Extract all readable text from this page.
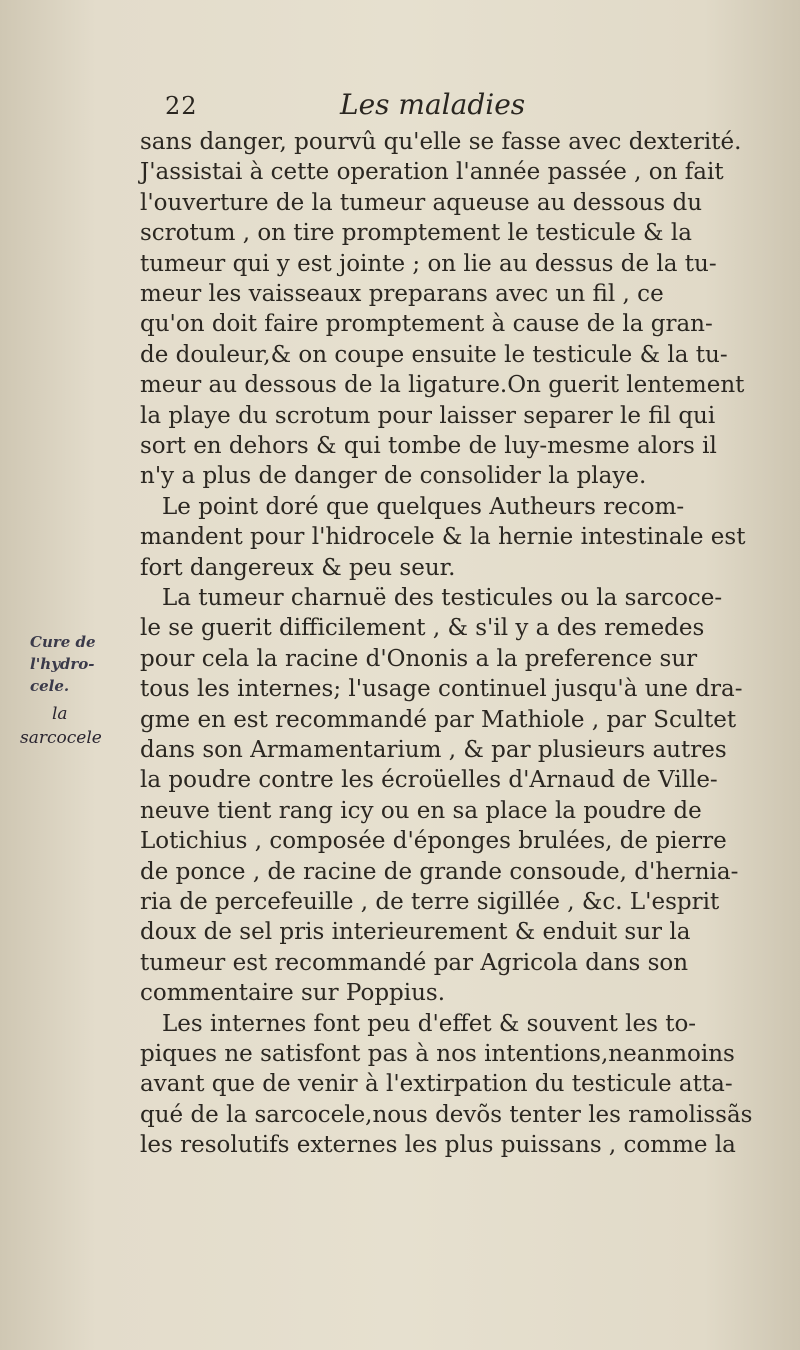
22	Les maladies
sans danger, pourvû qu'elle se fasse avec dexterité.
J'assistai à cette operation l'année passée , on fait
l'ouverture de la tumeur aqueuse au dessous du
scrotum , on tire promptement le testicule & la
tumeur qui y est jointe ; on lie au dessus de la tu-
meur les vaisseaux preparans avec un fil , ce
qu'on doit faire promptement à cause de la gran-
de douleur,& on coupe ensuite le testicule & la tu-
meur au dessous de la ligature.On guerit lentement
la playe du scrotum pour laisser separer le fil qui
sort en dehors & qui tombe de luy-mesme alors il
n'y a plus de danger de consolider la playe.
Le point doré que quelques Autheurs recom-
mandent pour l'hidrocele & la hernie intestinale est
fort dangereux & peu seur.
La tumeur charnuë des testicules ou la sarcoce-
le se guerit difficilement , & s'il y a des remedes
pour cela la racine d'Ononis a la preference sur
tous les internes; l'usage continuel jusqu'à une dra-
gme en est recommandé par Mathiole , par Scultet
dans son Armamentarium , & par plusieurs autres
la poudre contre les écroüelles d'Arnaud de Ville-
neuve tient rang icy ou en sa place la poudre de
Lotichius , composée d'éponges brulées, de pierre
de ponce , de racine de grande consoude, d'hernia-
ria de percefeuille , de terre sigillée , &c. L'esprit
doux de sel pris interieurement & enduit sur la
tumeur est recommandé par Agricola dans son
commentaire sur Poppius.
Les internes font peu d'effet & souvent les to-
piques ne satisfont pas à nos intentions,neanmoins
avant que de venir à l'extirpation du testicule atta-
qué de la sarcocele,nous devõs tenter les ramolissãs
les resolutifs externes les plus puissans , comme la
Cure de
l'hydro-
cele.
la
sarcocele
